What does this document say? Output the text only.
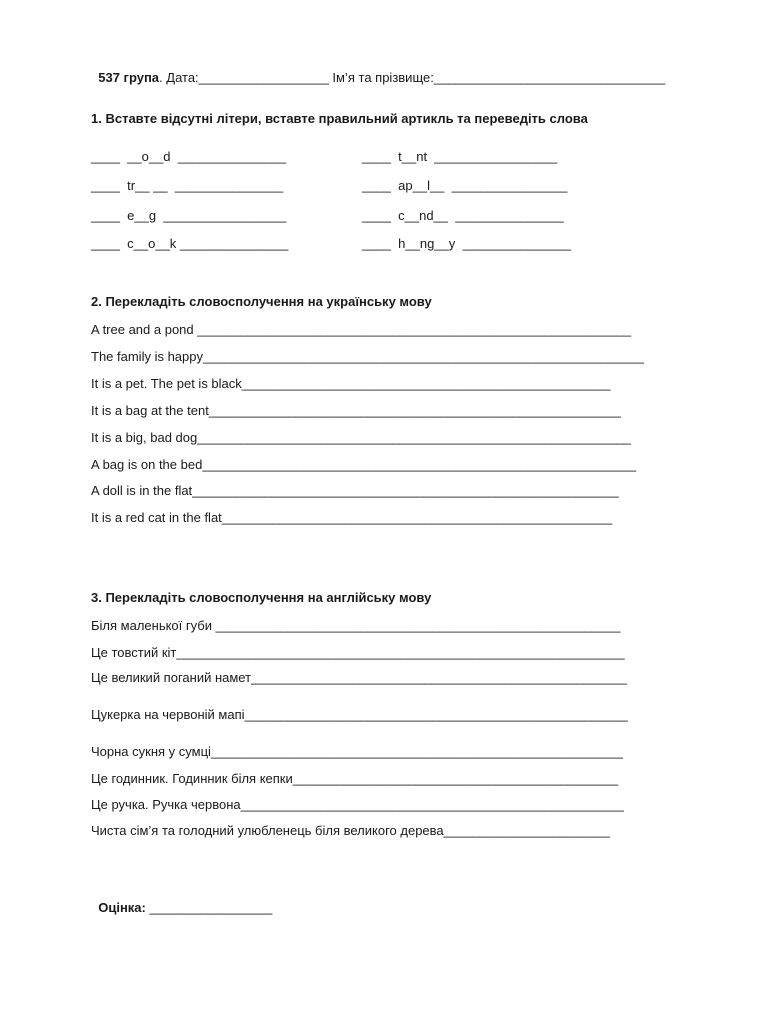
537 група. Дата:__________________ Ім’я та прізвище:________________________________

1. Вставте відсутні літери, вставте правильний артикль та переведіть слова
____  __o__d  _______________
____  tr__ __  _______________
____  e__g  _________________
____  c__o__k _______________
____  t__nt  _________________
____  ap__l__  ________________
____  c__nd__  _______________
____  h__ng__y  _______________
2. Перекладіть словосполучення на українську мову
A tree and a pond ____________________________________________________________
The family is happy_____________________________________________________________
It is a pet. The pet is black___________________________________________________
It is a bag at the tent_________________________________________________________
It is a big, bad dog____________________________________________________________
A bag is on the bed____________________________________________________________
A doll is in the flat___________________________________________________________
It is a red cat in the flat______________________________________________________
3. Перекладіть словосполучення на англійську мову
Біля маленької губи ________________________________________________________
Це товстий кіт______________________________________________________________
Це великий поганий намет____________________________________________________
Цукерка на червоній мапі_____________________________________________________
Чорна сукня у сумці_________________________________________________________
Це годинник. Годинник біля кепки_____________________________________________
Це ручка. Ручка червона_____________________________________________________
Чиста сім’я та голодний улюбленець біля великого дерева_______________________

Оцінка: _________________
